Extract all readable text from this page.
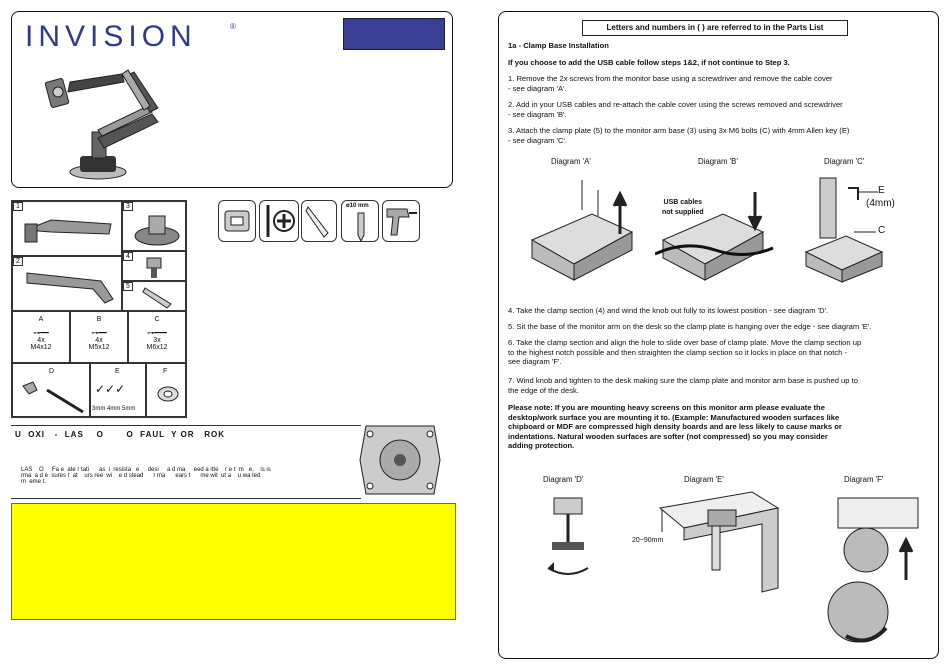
INVISION	®
1	3
2
4
5
A
⊶━━
4x
M4x12
B
⊶━━
4x
M5x12
C
⊶━━━
3x
M6x12
D	E
✓✓✓
3mm 4mm 5mm
F
ø10 mm
U  OXI   -  LAS    O       O  FAUL  Y OR   ROK
LAS    O     Fa e  ate r tati      as  i  resista   e     desi     a d ma     eed a itte    r e t  m   e.    is is
rma  a d e  sures t  at    urs ree  wi    e d stead      r ma      ears t      me wit  ut a    u wa ted
m  eme t.
Letters and numbers in ( ) are referred to in the Parts List
1a - Clamp Base Installation
If you choose to add the USB cable follow steps 1&2, if not continue to Step 3.
1. Remove the 2x screws from the monitor base using a screwdriver and remove the cable cover
- see diagram 'A'.
2. Add in your USB cables and re-attach the cable cover using the screws removed and screwdriver
- see diagram 'B'.
3. Attach the clamp plate (5) to the monitor arm base (3) using 3x M6 bolts (C) with 4mm Allen key (E)
- see diagram 'C'.
Diagram 'A'	Diagram 'B'	Diagram 'C'
USB cables
not supplied
E
(4mm)
C
4. Take the clamp section (4) and wind the knob out fully to its lowest position - see diagram 'D'.
5. Sit the base of the monitor arm on the desk so the clamp plate is hanging over the edge - see diagram 'E'.
6. Take the clamp section and align the hole to slide over base of clamp plate. Move the clamp section up
to the highest notch possible and then straighten the clamp section so it locks in place on that notch -
see diagram 'F'.
7. Wind knob and tighten to the desk making sure the clamp plate and monitor arm base is pushed up to
the edge of the desk.
Please note: If you are mounting heavy screens on this monitor arm please evaluate the
desktop/work surface you are mounting it to. (Example: Manufactured wooden surfaces like
chipboard or MDF are compressed high density boards and are less likely to cause marks or
indentations. Natural wooden surfaces are softer (not compressed) so you may consider
adding protection.
Diagram 'D'	Diagram 'E'	Diagram 'F'
20~90mm
